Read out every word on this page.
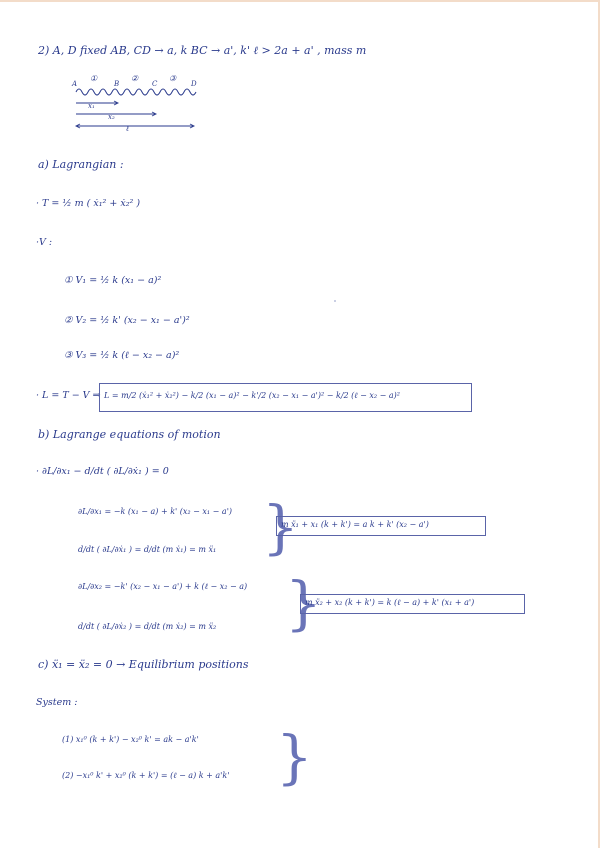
2) A, D fixed AB, CD → a, k BC → a', k' ℓ > 2a + a' , mass m
A
①
B
②
C
③
D
x₁
x₂
ℓ
a) Lagrangian :
· T = ½ m ( ẋ₁² + ẋ₂² )
·V :
① V₁ = ½ k (x₁ − a)²
② V₂ = ½ k' (x₂ − x₁ − a')²
③ V₃ = ½ k (ℓ − x₂ − a)²
· L = T − V ⇒ L = m/2 (ẋ₁² + ẋ₂²) − k/2 (x₁ − a)² − k'/2 (x₂ − x₁ − a')² − k/2 (ℓ − x₂ − a)²
b) Lagrange equations of motion
· ∂L/∂x₁ − d/dt ( ∂L/∂ẋ₁ ) = 0
∂L/∂x₁ = −k (x₁ − a) + k' (x₂ − x₁ − a')
d/dt ( ∂L/∂ẋ₁ ) = d/dt (m ẋ₁) = m ẍ₁ }
m ẍ₁ + x₁ (k + k') = a k + k' (x₂ − a')
∂L/∂x₂ = −k' (x₂ − x₁ − a') + k (ℓ − x₂ − a)
d/dt ( ∂L/∂ẋ₂ ) = d/dt (m ẋ₂) = m ẍ₂ }
m ẍ₂ + x₂ (k + k') = k (ℓ − a) + k' (x₁ + a')
c) ẍ₁ = ẍ₂ = 0 → Equilibrium positions
System :
(1) x₁⁰ (k + k') − x₂⁰ k' = ak − a'k'
(2) −x₁⁰ k' + x₂⁰ (k + k') = (ℓ − a) k + a'k' }
